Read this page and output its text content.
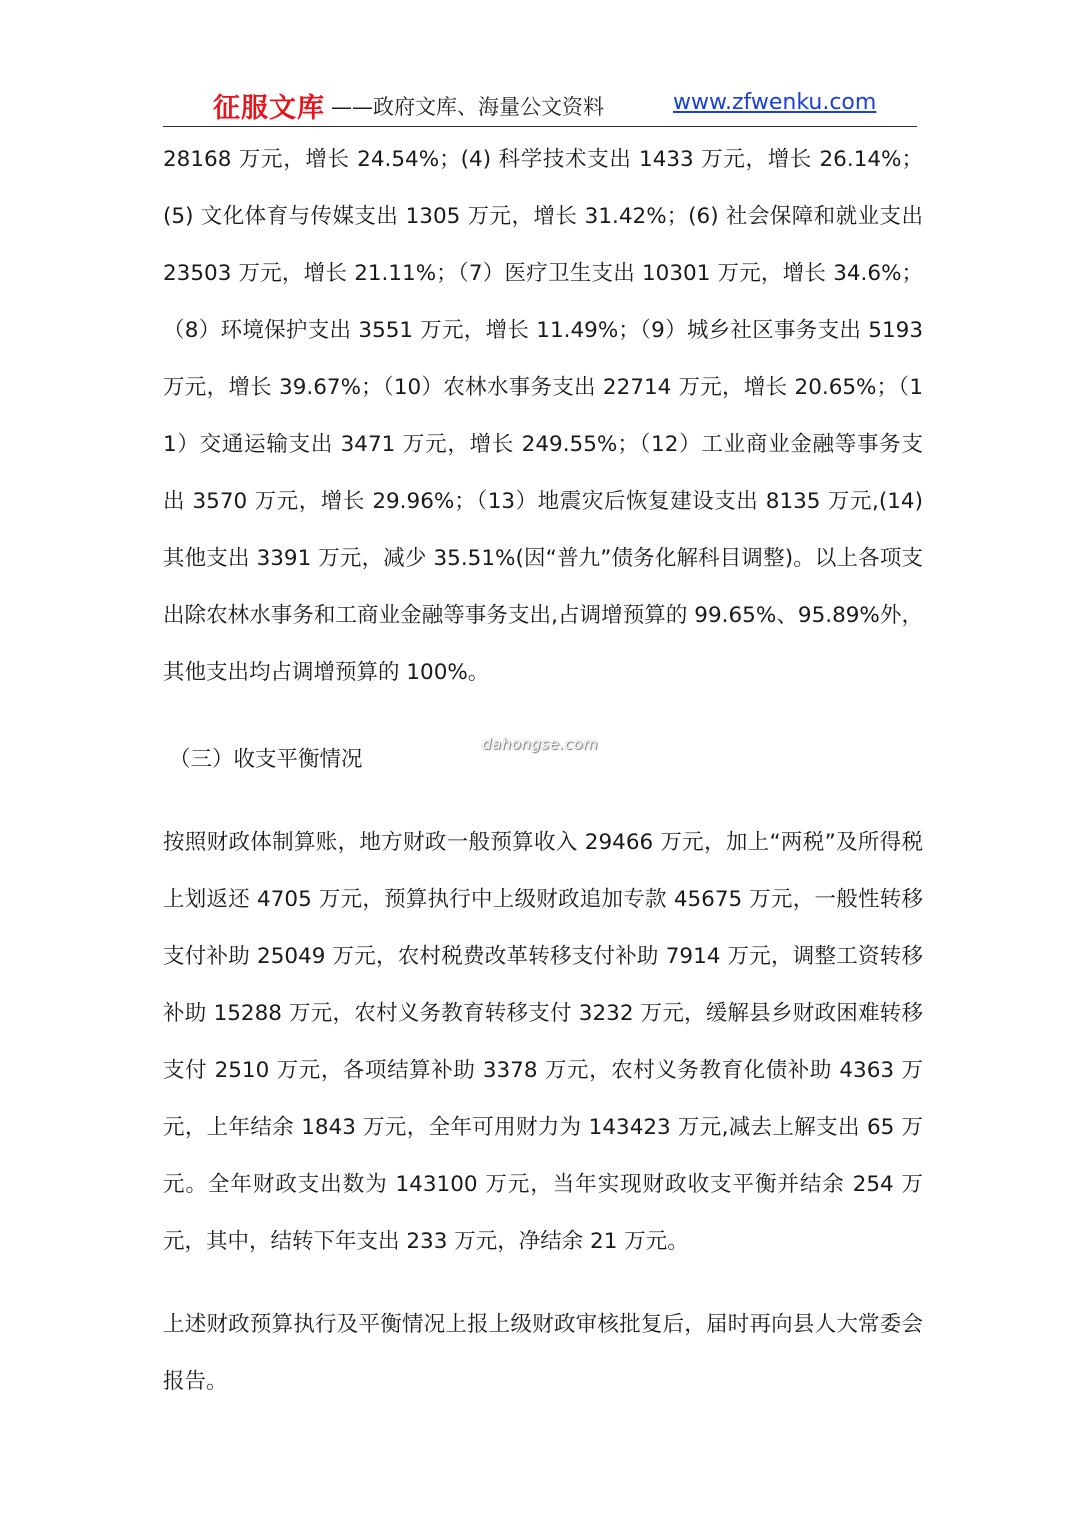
征服文库 ——政府文库、海量公文资料	www.zfwenku.com

28168 万元，增长 24.54%；(4) 科学技术支出 1433 万元，增长 26.14%；(5) 文化体育与传媒支出 1305 万元，增长 31.42%；(6) 社会保障和就业支出 23503 万元，增长 21.11%；（7）医疗卫生支出 10301 万元，增长 34.6%；（8）环境保护支出 3551 万元，增长 11.49%；（9）城乡社区事务支出 5193 万元，增长 39.67%；（10）农林水事务支出 22714 万元，增长 20.65%；（11）交通运输支出 3471 万元，增长 249.55%；（12）工业商业金融等事务支出 3570 万元，增长 29.96%；（13）地震灾后恢复建设支出 8135 万元,(14)其他支出 3391 万元，减少 35.51%(因“普九”债务化解科目调整)。以上各项支出除农林水事务和工商业金融等事务支出,占调增预算的 99.65%、95.89%外，其他支出均占调增预算的 100%。

（三）收支平衡情况

按照财政体制算账，地方财政一般预算收入 29466 万元，加上“两税”及所得税上划返还 4705 万元，预算执行中上级财政追加专款 45675 万元，一般性转移支付补助 25049 万元，农村税费改革转移支付补助 7914 万元，调整工资转移补助 15288 万元，农村义务教育转移支付 3232 万元，缓解县乡财政困难转移支付 2510 万元，各项结算补助 3378 万元，农村义务教育化债补助 4363 万元，上年结余 1843 万元，全年可用财力为 143423 万元,减去上解支出 65 万元。全年财政支出数为 143100 万元，当年实现财政收支平衡并结余 254 万元，其中，结转下年支出 233 万元，净结余 21 万元。

上述财政预算执行及平衡情况上报上级财政审核批复后，届时再向县人大常委会报告。

dahongse.com
